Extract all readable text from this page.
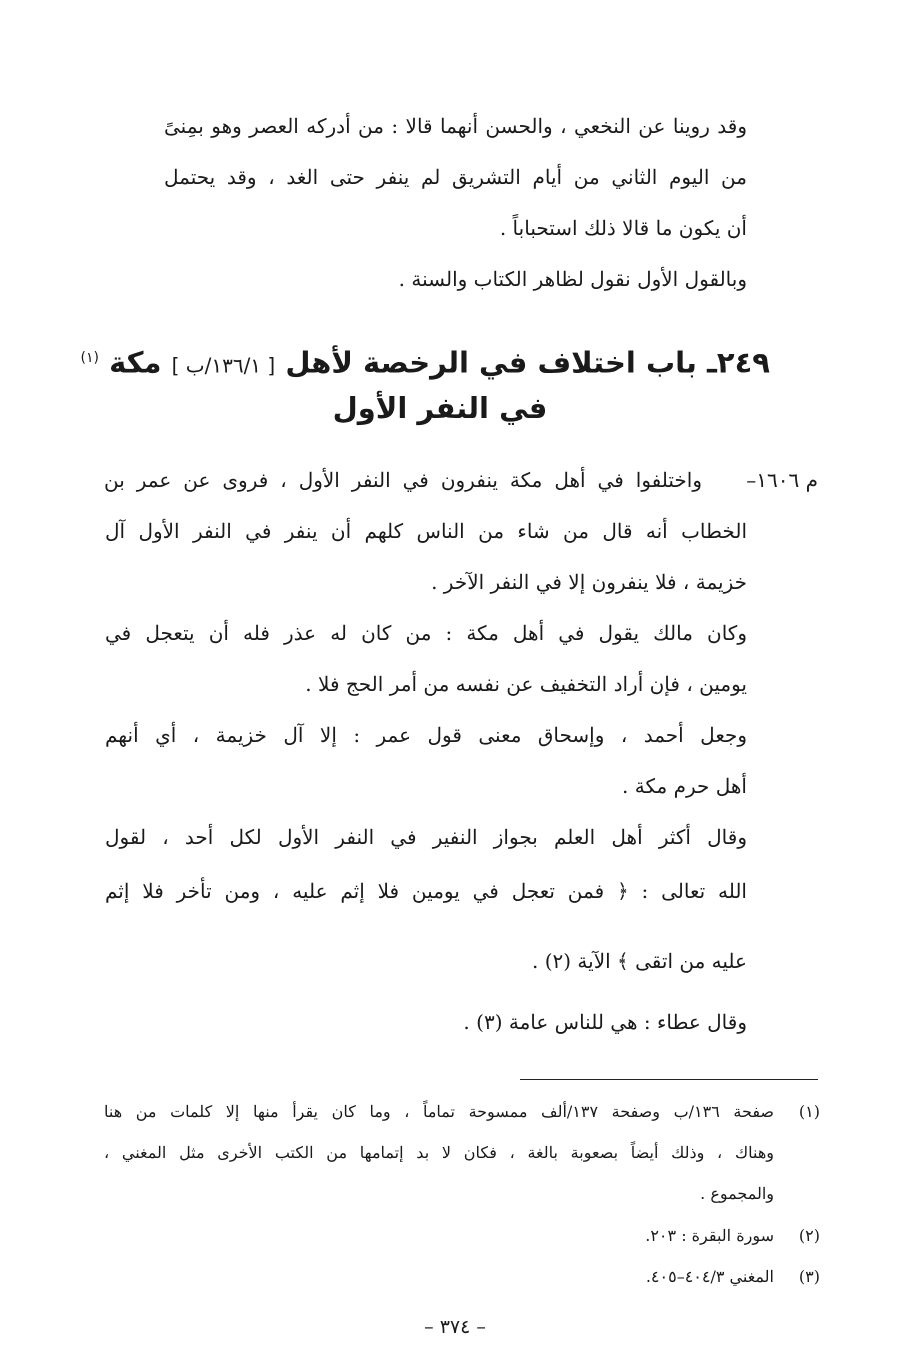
وقد روينا عن النخعي ، والحسن أنهما قالا : من أدركه العصر وهو بمِنىً
من اليوم الثاني من أيام التشريق لم ينفر حتى الغد ، وقد يحتمل
أن يكون ما قالا ذلك استحباباً .
وبالقول الأول نقول لظاهر الكتاب والسنة .
٢٤٩ـ باب اختلاف في الرخصة لأهل [ ١٣٦/١/ب ] مكة $^{(١)}$
في النفر الأول
م ١٦٠٦–
واختلفوا في أهل مكة ينفرون في النفر الأول ، فروى عن عمر بن
الخطاب أنه قال من شاء من الناس كلهم أن ينفر في النفر الأول آل
خزيمة ، فلا ينفرون إلا في النفر الآخر .
وكان مالك يقول في أهل مكة : من كان له عذر فله أن يتعجل في
يومين ، فإن أراد التخفيف عن نفسه من أمر الحج فلا .
وجعل أحمد ، وإسحاق معنى قول عمر : إلا آل خزيمة ، أي أنهم
أهل حرم مكة .
وقال أكثر أهل العلم بجواز النفير في النفر الأول لكل أحد ، لقول
الله تعالى : ﴿ فمن تعجل في يومين فلا إثم عليه ، ومن تأخر فلا إثم
عليه من اتقى ﴾ الآية (٢) .
وقال عطاء : هي للناس عامة (٣) .
(١)
صفحة ١٣٦/ب وصفحة ١٣٧/ألف ممسوحة تماماً ، وما كان يقرأ منها إلا كلمات من هنا
وهناك ، وذلك أيضاً بصعوبة بالغة ، فكان لا بد إتمامها من الكتب الأخرى مثل المغني ،
والمجموع .
(٢)
سورة البقرة : ٢٠٣.
(٣)
المغني ٤٠٤/٣–٤٠٥.
– ٣٧٤ –
